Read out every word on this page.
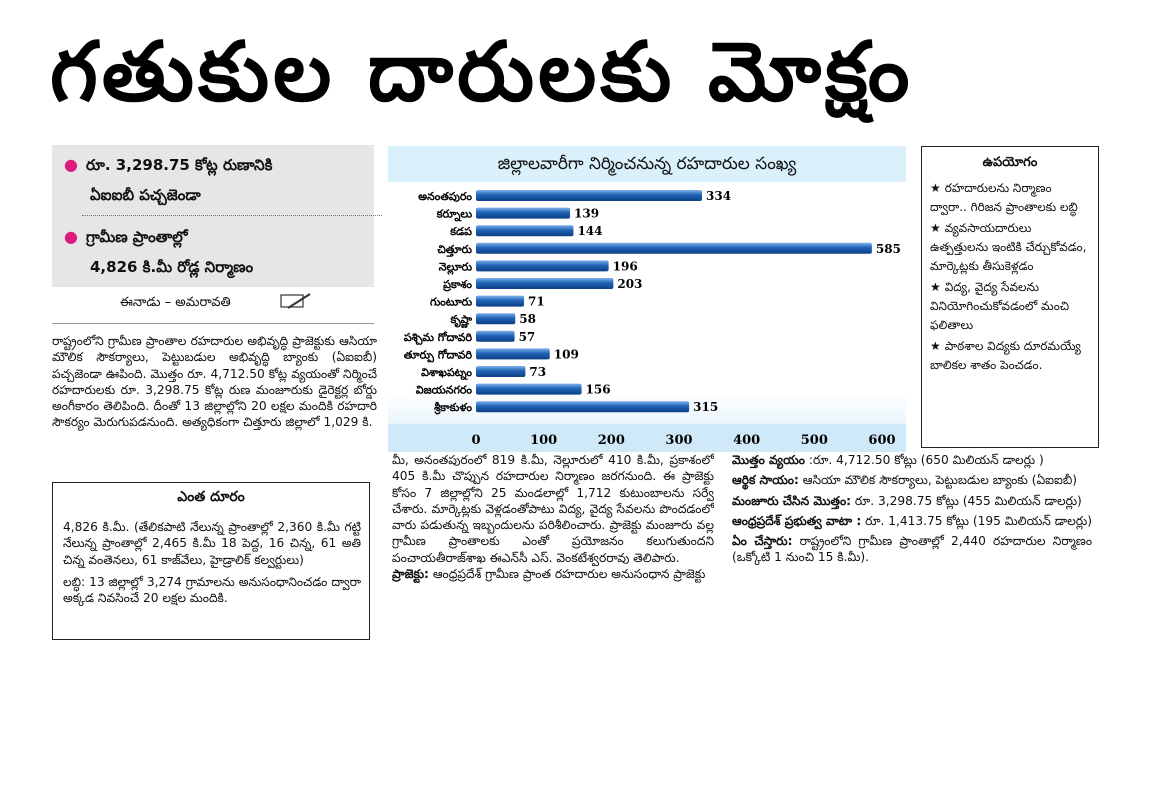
గతుకుల దారులకు మోక్షం
● రూ. 3,298.75 కోట్ల రుణానికి
ఏఐఐబీ పచ్చజెండా
● గ్రామీణ ప్రాంతాల్లో
4,826 కి.మీ రోడ్ల నిర్మాణం
ఈనాడు – అమరావతి
రాష్ట్రంలోని గ్రామీణ ప్రాంతాల రహదారుల అభివృద్ధి ప్రాజెక్టుకు ఆసియా మౌలిక సౌకర్యాలు, పెట్టుబడుల అభివృద్ధి బ్యాంకు (ఏఐఐబీ) పచ్చజెండా ఊపింది. మొత్తం రూ. 4,712.50 కోట్ల వ్యయంతో నిర్మించే రహదారులకు రూ. 3,298.75 కోట్ల రుణ మంజూరుకు డైరెక్టర్ల బోర్డు అంగీకారం తెలిపింది. దీంతో 13 జిల్లాల్లోని 20 లక్షల మందికి రహదారి సౌకర్యం మెరుగుపడనుంది. అత్యధికంగా చిత్తూరు జిల్లాలో 1,029 కి.
ఎంత దూరం
4,826 కి.మీ. (తేలికపాటి నేలున్న ప్రాంతాల్లో 2,360 కి.మీ గట్టి నేలున్న ప్రాంతాల్లో 2,465 కి.మీ 18 పెద్ద, 16 చిన్న, 61 అతి చిన్న వంతెనలు, 61 కాజ్‌వేలు, హైడ్రాలిక్ కల్వర్టులు)
లబ్ధి: 13 జిల్లాల్లో 3,274 గ్రామాలను అనుసంధానించడం ద్వారా అక్కడ నివసించే 20 లక్షల మందికి.
జిల్లాలవారీగా నిర్మించనున్న రహదారుల సంఖ్య
అనంతపురం	334
కర్నూలు	139
కడప	144
చిత్తూరు	585
నెల్లూరు	196
ప్రకాశం	203
గుంటూరు	71
కృష్ణా	58
పశ్చిమ గోదావరి	57
తూర్పు గోదావరి	109
విశాఖపట్నం	73
విజయనగరం	156
శ్రీకాకుళం	315
0	100	200	300	400	500	600
ఉపయోగం
★ రహదారులను నిర్మాణం ద్వారా.. గిరిజన ప్రాంతాలకు లబ్ధి
★ వ్యవసాయదారులు ఉత్పత్తులను ఇంటికి చేర్చుకోవడం, మార్కెట్లకు తీసుకెళ్లడం
★ విద్య, వైద్య సేవలను వినియోగించుకోవడంలో మంచి ఫలితాలు
★ పాఠశాల విద్యకు దూరమయ్యే బాలికల శాతం పెంచడం.
మీ, అనంతపురంలో 819 కి.మీ, నెల్లూరులో 410 కి.మీ, ప్రకాశంలో 405 కి.మీ చొప్పున రహదారుల నిర్మాణం జరగనుంది. ఈ ప్రాజెక్టు కోసం 7 జిల్లాల్లోని 25 మండలాల్లో 1,712 కుటుంబాలను సర్వే చేశారు. మార్కెట్లకు వెళ్లడంతోపాటు విద్య, వైద్య సేవలను పొందడంలో వారు పడుతున్న ఇబ్బందులను పరిశీలించారు. ప్రాజెక్టు మంజూరు వల్ల గ్రామీణ ప్రాంతాలకు ఎంతో ప్రయోజనం కలుగుతుందని పంచాయతీరాజ్‌శాఖ ఈఎన్‌సీ ఎస్. వెంకటేశ్వరరావు తెలిపారు.
ప్రాజెక్టు: ఆంధ్రప్రదేశ్ గ్రామీణ ప్రాంత రహదారుల అనుసంధాన ప్రాజెక్టు

మొత్తం వ్యయం :రూ. 4,712.50 కోట్లు (650 మిలియన్ డాలర్లు )

ఆర్థిక సాయం: ఆసియా మౌలిక సౌకర్యాలు, పెట్టుబడుల బ్యాంకు (ఏఐఐబీ)

మంజూరు చేసిన మొత్తం: రూ. 3,298.75 కోట్లు (455 మిలియన్ డాలర్లు)

ఆంధ్రప్రదేశ్ ప్రభుత్వ వాటా : రూ. 1,413.75 కోట్లు (195 మిలియన్ డాలర్లు)

ఏం చేస్తారు: రాష్ట్రంలోని గ్రామీణ ప్రాంతాల్లో 2,440 రహదారుల నిర్మాణం (ఒక్కోటి 1 నుంచి 15 కి.మీ).
